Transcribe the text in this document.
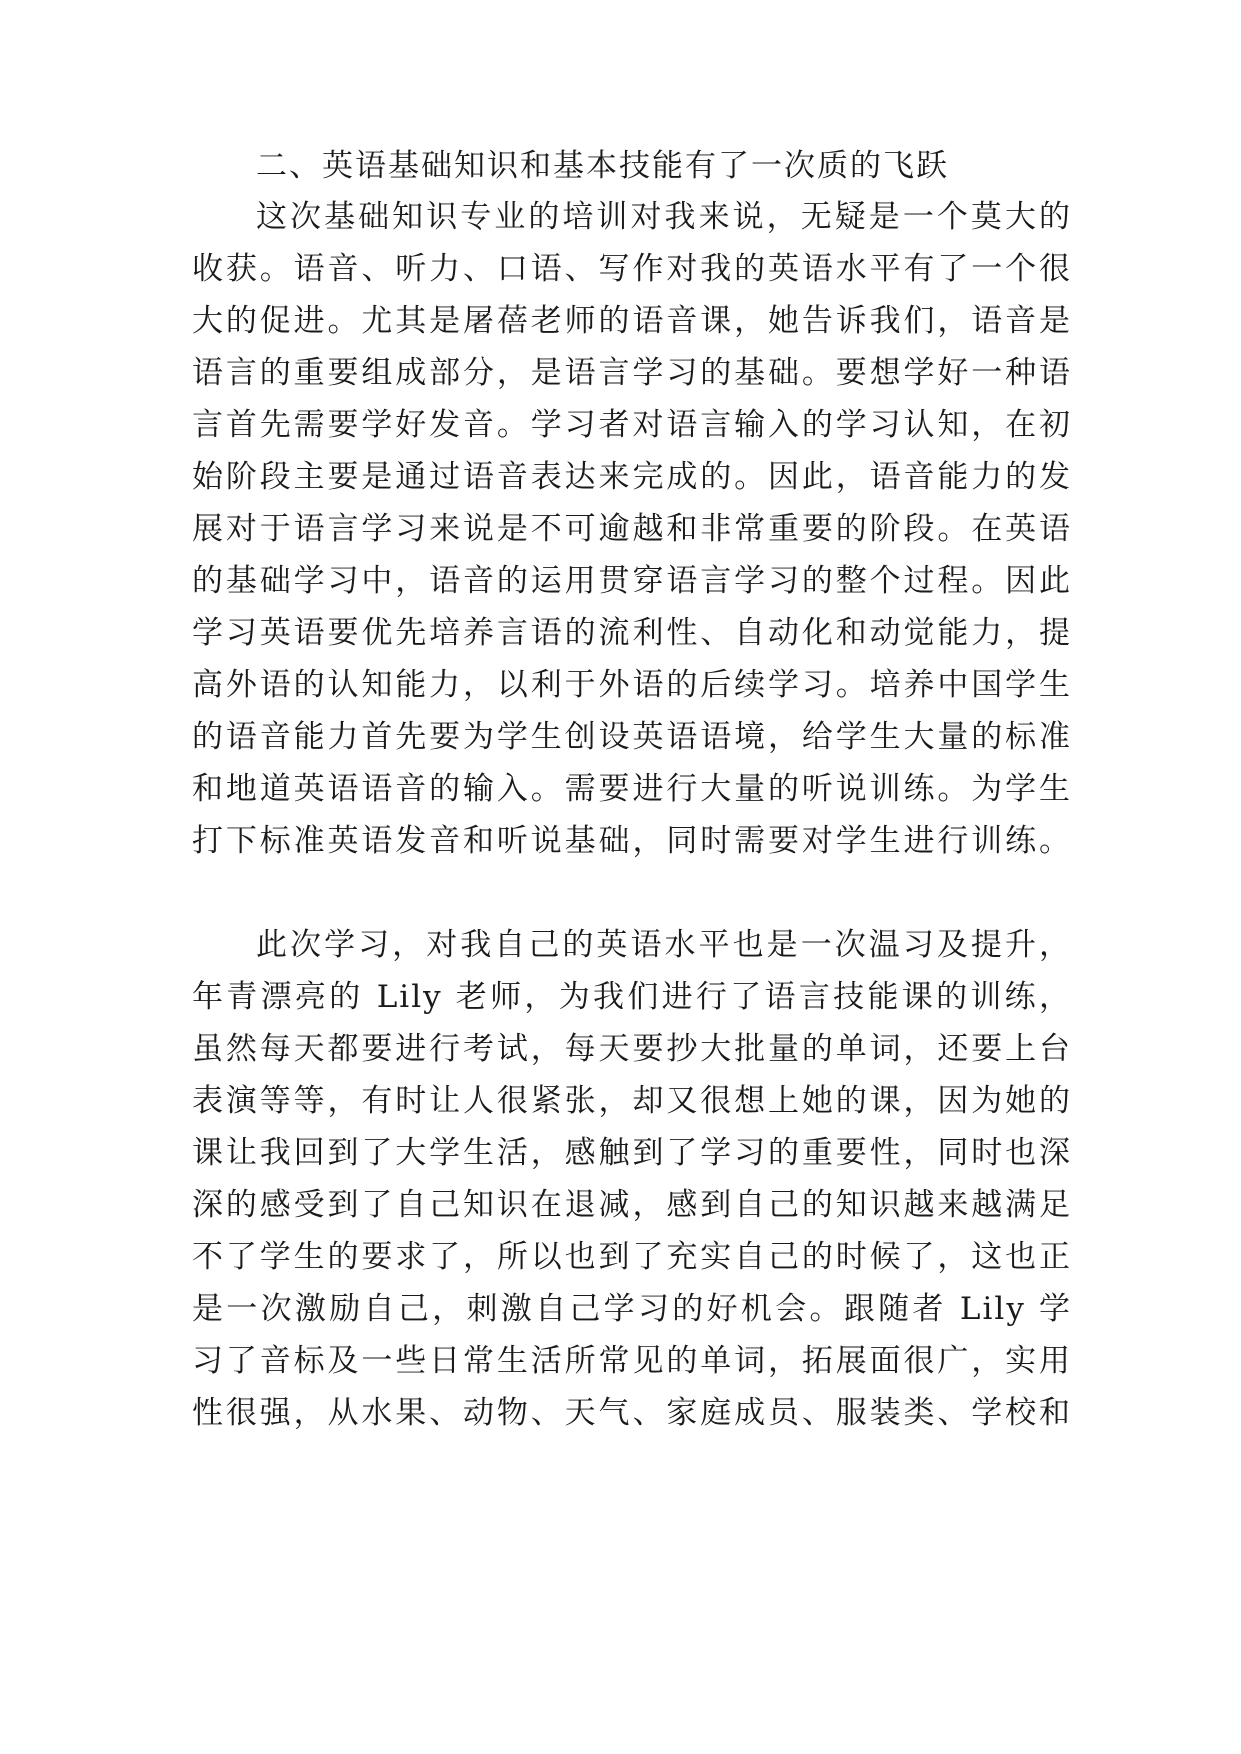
二、英语基础知识和基本技能有了一次质的飞跃
这次基础知识专业的培训对我来说，无疑是一个莫大的
收获。语音、听力、口语、写作对我的英语水平有了一个很
大的促进。尤其是屠蓓老师的语音课，她告诉我们，语音是
语言的重要组成部分，是语言学习的基础。要想学好一种语
言首先需要学好发音。学习者对语言输入的学习认知，在初
始阶段主要是通过语音表达来完成的。因此，语音能力的发
展对于语言学习来说是不可逾越和非常重要的阶段。在英语
的基础学习中，语音的运用贯穿语言学习的整个过程。因此
学习英语要优先培养言语的流利性、自动化和动觉能力，提
高外语的认知能力，以利于外语的后续学习。培养中国学生
的语音能力首先要为学生创设英语语境，给学生大量的标准
和地道英语语音的输入。需要进行大量的听说训练。为学生
打下标准英语发音和听说基础，同时需要对学生进行训练。
此次学习，对我自己的英语水平也是一次温习及提升，
年青漂亮的 Lily 老师，为我们进行了语言技能课的训练，
虽然每天都要进行考试，每天要抄大批量的单词，还要上台
表演等等，有时让人很紧张，却又很想上她的课，因为她的
课让我回到了大学生活，感触到了学习的重要性，同时也深
深的感受到了自己知识在退减，感到自己的知识越来越满足
不了学生的要求了，所以也到了充实自己的时候了，这也正
是一次激励自己，刺激自己学习的好机会。跟随者 Lily 学
习了音标及一些日常生活所常见的单词，拓展面很广，实用
性很强，从水果、动物、天气、家庭成员、服装类、学校和
